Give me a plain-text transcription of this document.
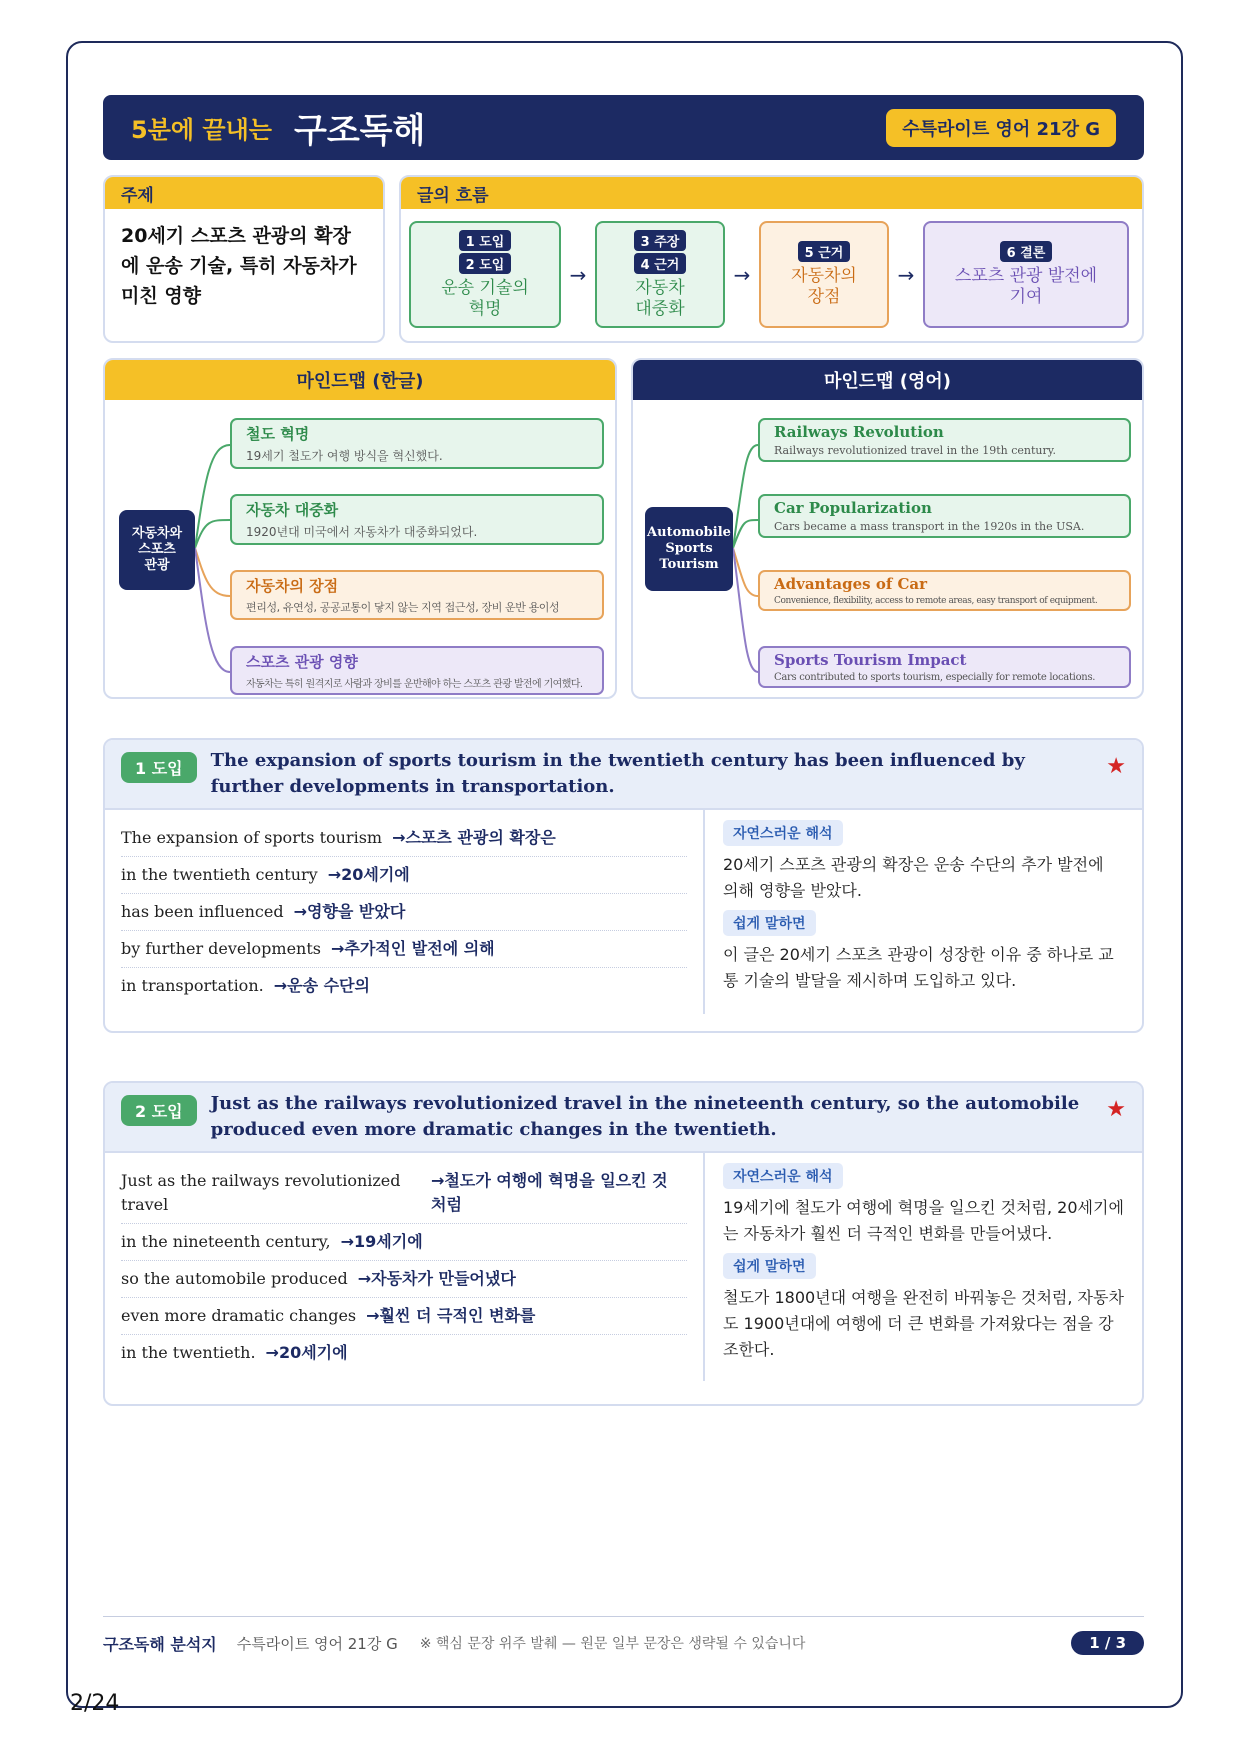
5분에 끝내는 구조독해	수특라이트 영어 21강 G
주제
20세기 스포츠 관광의 확장에 운송 기술, 특히 자동차가 미친 영향
글의 흐름
1 도입
2 도입
운송 기술의
혁명
→
3 주장
4 근거
자동차
대중화
→
5 근거
자동차의
장점
→
6 결론
스포츠 관광 발전에
기여
마인드맵 (한글)
자동차와
스포츠
관광
철도 혁명
19세기 철도가 여행 방식을 혁신했다.
자동차 대중화
1920년대 미국에서 자동차가 대중화되었다.
자동차의 장점
편리성, 유연성, 공공교통이 닿지 않는 지역 접근성, 장비 운반 용이성
스포츠 관광 영향
자동차는 특히 원격지로 사람과 장비를 운반해야 하는 스포츠 관광 발전에 기여했다.
마인드맵 (영어)
Automobile
Sports
Tourism
Railways Revolution
Railways revolutionized travel in the 19th century.
Car Popularization
Cars became a mass transport in the 1920s in the USA.
Advantages of Car
Convenience, flexibility, access to remote areas, easy transport of equipment.
Sports Tourism Impact
Cars contributed to sports tourism, especially for remote locations.
1 도입	The expansion of sports tourism in the twentieth century has been influenced by further developments in transportation.
★
The expansion of sports tourism →스포츠 관광의 확장은
in the twentieth century →20세기에
has been influenced →영향을 받았다
by further developments →추가적인 발전에 의해
in transportation. →운송 수단의
자연스러운 해석

20세기 스포츠 관광의 확장은 운송 수단의 추가 발전에 의해 영향을 받았다.

쉽게 말하면

이 글은 20세기 스포츠 관광이 성장한 이유 중 하나로 교통 기술의 발달을 제시하며 도입하고 있다.

2 도입	Just as the railways revolutionized travel in the nineteenth century, so the automobile produced even more dramatic changes in the twentieth.
★
Just as the railways revolutionized travel
→철도가 여행에 혁명을 일으킨 것처럼
in the nineteenth century, →19세기에
so the automobile produced →자동차가 만들어냈다
even more dramatic changes →훨씬 더 극적인 변화를
in the twentieth. →20세기에
자연스러운 해석

19세기에 철도가 여행에 혁명을 일으킨 것처럼, 20세기에는 자동차가 훨씬 더 극적인 변화를 만들어냈다.

쉽게 말하면

철도가 1800년대 여행을 완전히 바꿔놓은 것처럼, 자동차도 1900년대에 여행에 더 큰 변화를 가져왔다는 점을 강조한다.

구조독해 분석지 수특라이트 영어 21강 G ※ 핵심 문장 위주 발췌 — 원문 일부 문장은 생략될 수 있습니다	1 / 3
2/24
